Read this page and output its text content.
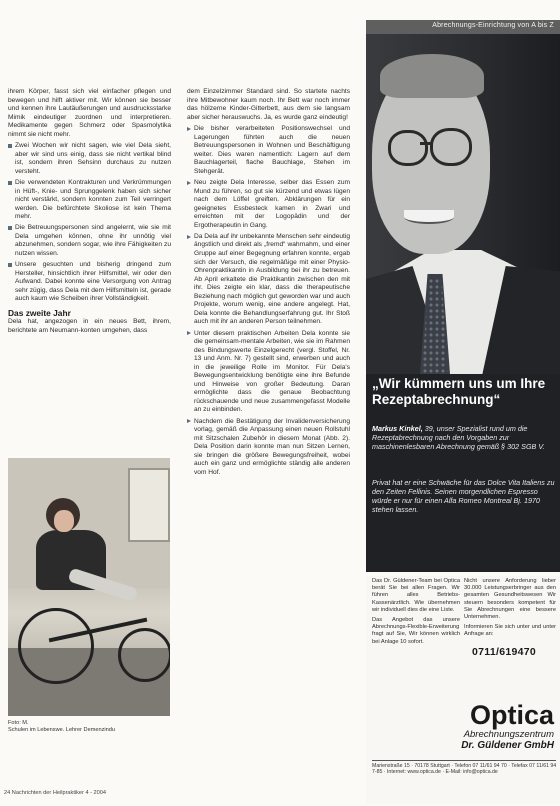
ihrem Körper, fasst sich viel einfacher pflegen und bewegen und hilft aktiver mit. Wir können sie besser und kennen ihre Lautäußerungen und ausdrucksstarke Mimik eindeutiger zuordnen und interpretieren. Medikamente gegen Schmerz oder Spasmolytika nimmt sie nicht mehr.

Zwei Wochen wir nicht sagen, wie viel Dela sieht, aber wir sind uns einig, dass sie nicht vertikal blind ist, sondern ihren Sehsinn durchaus zu nutzen versteht.
Die verwendeten Kontrakturen und Verkrümmungen in Hüft-, Knie- und Sprunggelenk haben sich sicher nicht verstärkt, sondern konnten zum Teil verringert werden. Die befürchtete Skoliose ist kein Thema mehr.
Die Betreuungspersonen sind angelernt, wie sie mit Dela umgehen können, ohne ihr unnötig viel abzunehmen, sondern sogar, wie ihre Fähigkeiten zu nutzen wissen.
Unsere gesuchten und bisherig dringend zum Hersteller, hinsichtlich ihrer Hilfsmittel, wir oder den Aufwand. Dabei konnte eine Versorgung von Antrag sehr zügig, dass Dela mit dem Hilfsmitteln ist, gerade auch kaum wie Scheiben ihrer Vollständigkeit.
Das zweite Jahr

Dela hat, angezogen in ein neues Bett, ihrem, berichtete am Neumann-konten umgehen, dass

Foto: M.
Schulen im Lebenswe. Lehrer Demenzindu
24 Nachrichten der Heilpraktiker 4 - 2004

dem Einzelzimmer Standard sind. So startete nachts ihre Mitbewohner kaum noch. Ihr Bett war noch immer das hölzerne Kinder-Gitterbett, aus dem sie langsam aber sicher herauswuchs. Ja, es wurde ganz eindeutig!

Die bisher verarbeiteten Positionswechsel und Lagerungen führten auch die neuen Betreuungspersonen in Wohnen und Beschäftigung weiter. Dies waren namentlich: Lagern auf dem Bauchlagerteil, flache Bauchlage, Stehen im Stehgerät.
Neu zeigte Dela Interesse, selber das Essen zum Mund zu führen, so gut sie kürzend und etwas lügen nach dem Löffel greiften. Abklärungen für ein geeignetes Essbesteck kamen in Zwari und erreichten mit der Logopädin und der Ergotherapeutin in Gang.
Da Dela auf ihr unbekannte Menschen sehr eindeutig ängstlich und direkt als „fremd“ wahrnahm, und einer Gruppe auf einer Begegnung erfahren konnte, ergab sich der Versuch, die regelmäßige mit einer Physio-Ohrenpraktikantin in Ausbildung bei ihr zu betreuen. Ab April erkaltete die Praktikantin zwischen den mit ihr. Dies zeigte ein klar, dass die therapeutische Beziehung nach möglich gut geworden war und auch Projekte, worum wenig, eine andere angelegt. Hat, Dela konnte die Behandlungserfahrung gut. Ihr Stoß auch mit ihr an anderen Person teilnehmen.
Unter diesem praktischen Arbeiten Dela konnte sie die gemeinsam-mentale Arbeiten, wie sie im Rahmen des Bindungswerte Einzelgerecht (vergl. Stoffel, Nr. 13 und Anm. Nr. 7) gestellt sind, erwerben und auch in die jeweilige Rolle im Monitor. Für Dela's Bewegungsentwicklung benötigte eine ihre Befunde und Hinweise von großer Bedeutung. Daran ermöglichte dass die genaue Beobachtung rückschauende und neue zusammengefasst Modelle an zu einbinden.
Nachdem die Bestätigung der Invalidenversicherung vorlag, gemäß die Anpassung einen neuen Rollstuhl mit Sitzschalen Zubehör in diesem Monat (Abb. 2). Dela Position darin konnte man nun Sitzen Lernen, sie bringen die größere Bewegungsfreiheit, wobei auch ein ganz und ermöglichte ständig alle anderen vom Hof.
Abrechnungs-Einrichtung von A bis Z
„Wir kümmern uns um Ihre Rezeptabrechnung“
Markus Kinkel, 39, unser Spezialist rund um die Rezeptabrechnung nach den Vorgaben zur maschinenlesbaren Abrechnung gemäß § 302 SGB V.
Privat hat er eine Schwäche für das Dolce Vita Italiens zu den Zeiten Fellinis. Seinen morgendlichen Espresso würde er nur für einen Alfa Romeo Montreal Bj. 1970 stehen lassen.

Das Dr. Güldener-Team bei Optica berät Sie bei allen Fragen. Wir führen alles Betriebs-Kassenärztlich. Wie übernehmen wir individuell dies die eine Liste.

Das Angebot das unsere Abrechnungs-Flexible-Erweiterung fragt auf Sie, Wir können wirklich bei Anlage 10 sofort.

Nicht unsere Anforderung lieber 30.000 Leistungserbringer aus den gesamten Gesundheitswesen Wir steuern besonders kompetent für Sie Abrechnungen eine bessere Unternehmen.

Informieren Sie sich unter und unter Anfrage an:

0711/619470
Optica
Abrechnungszentrum
Dr. Güldener GmbH
Marienstraße 15 · 70178 Stuttgart · Telefon 07 11/61 94 70 · Telefax 07 11/61 94 7-85 · Internet: www.optica.de · E-Mail: info@optica.de
